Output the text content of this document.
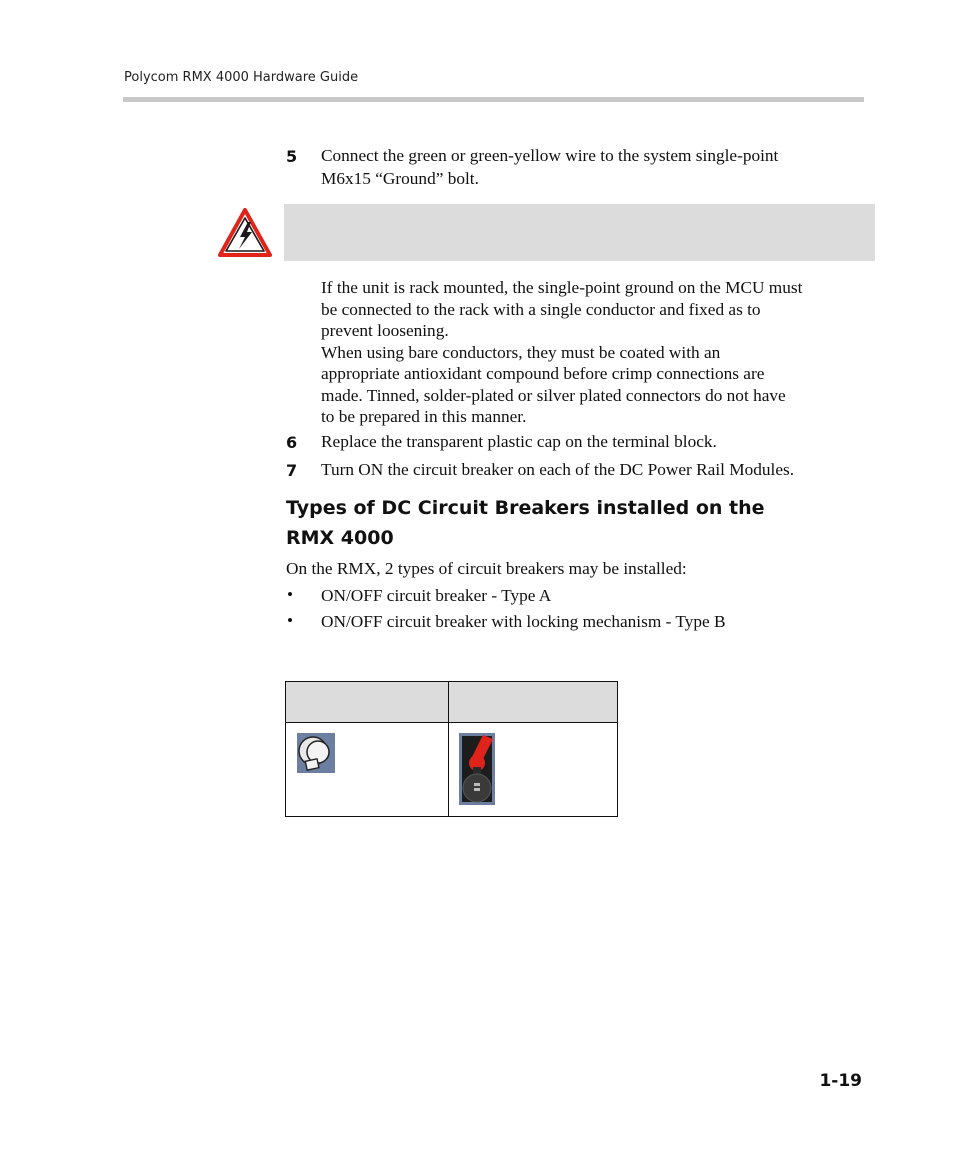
Polycom RMX 4000 Hardware Guide
5 Connect the green or green-yellow wire to the system single-point
M6x15 “Ground” bolt.
If the unit is rack mounted, the single-point ground on the MCU must
be connected to the rack with a single conductor and fixed as to
prevent loosening.
When using bare conductors, they must be coated with an
appropriate antioxidant compound before crimp connections are
made. Tinned, solder-plated or silver plated connectors do not have
to be prepared in this manner.
6 Replace the transparent plastic cap on the terminal block.
7 Turn ON the circuit breaker on each of the DC Power Rail Modules.
Types of DC Circuit Breakers installed on the
RMX 4000
On the RMX, 2 types of circuit breakers may be installed:
• ON/OFF circuit breaker - Type A
• ON/OFF circuit breaker with locking mechanism - Type B

1-19
